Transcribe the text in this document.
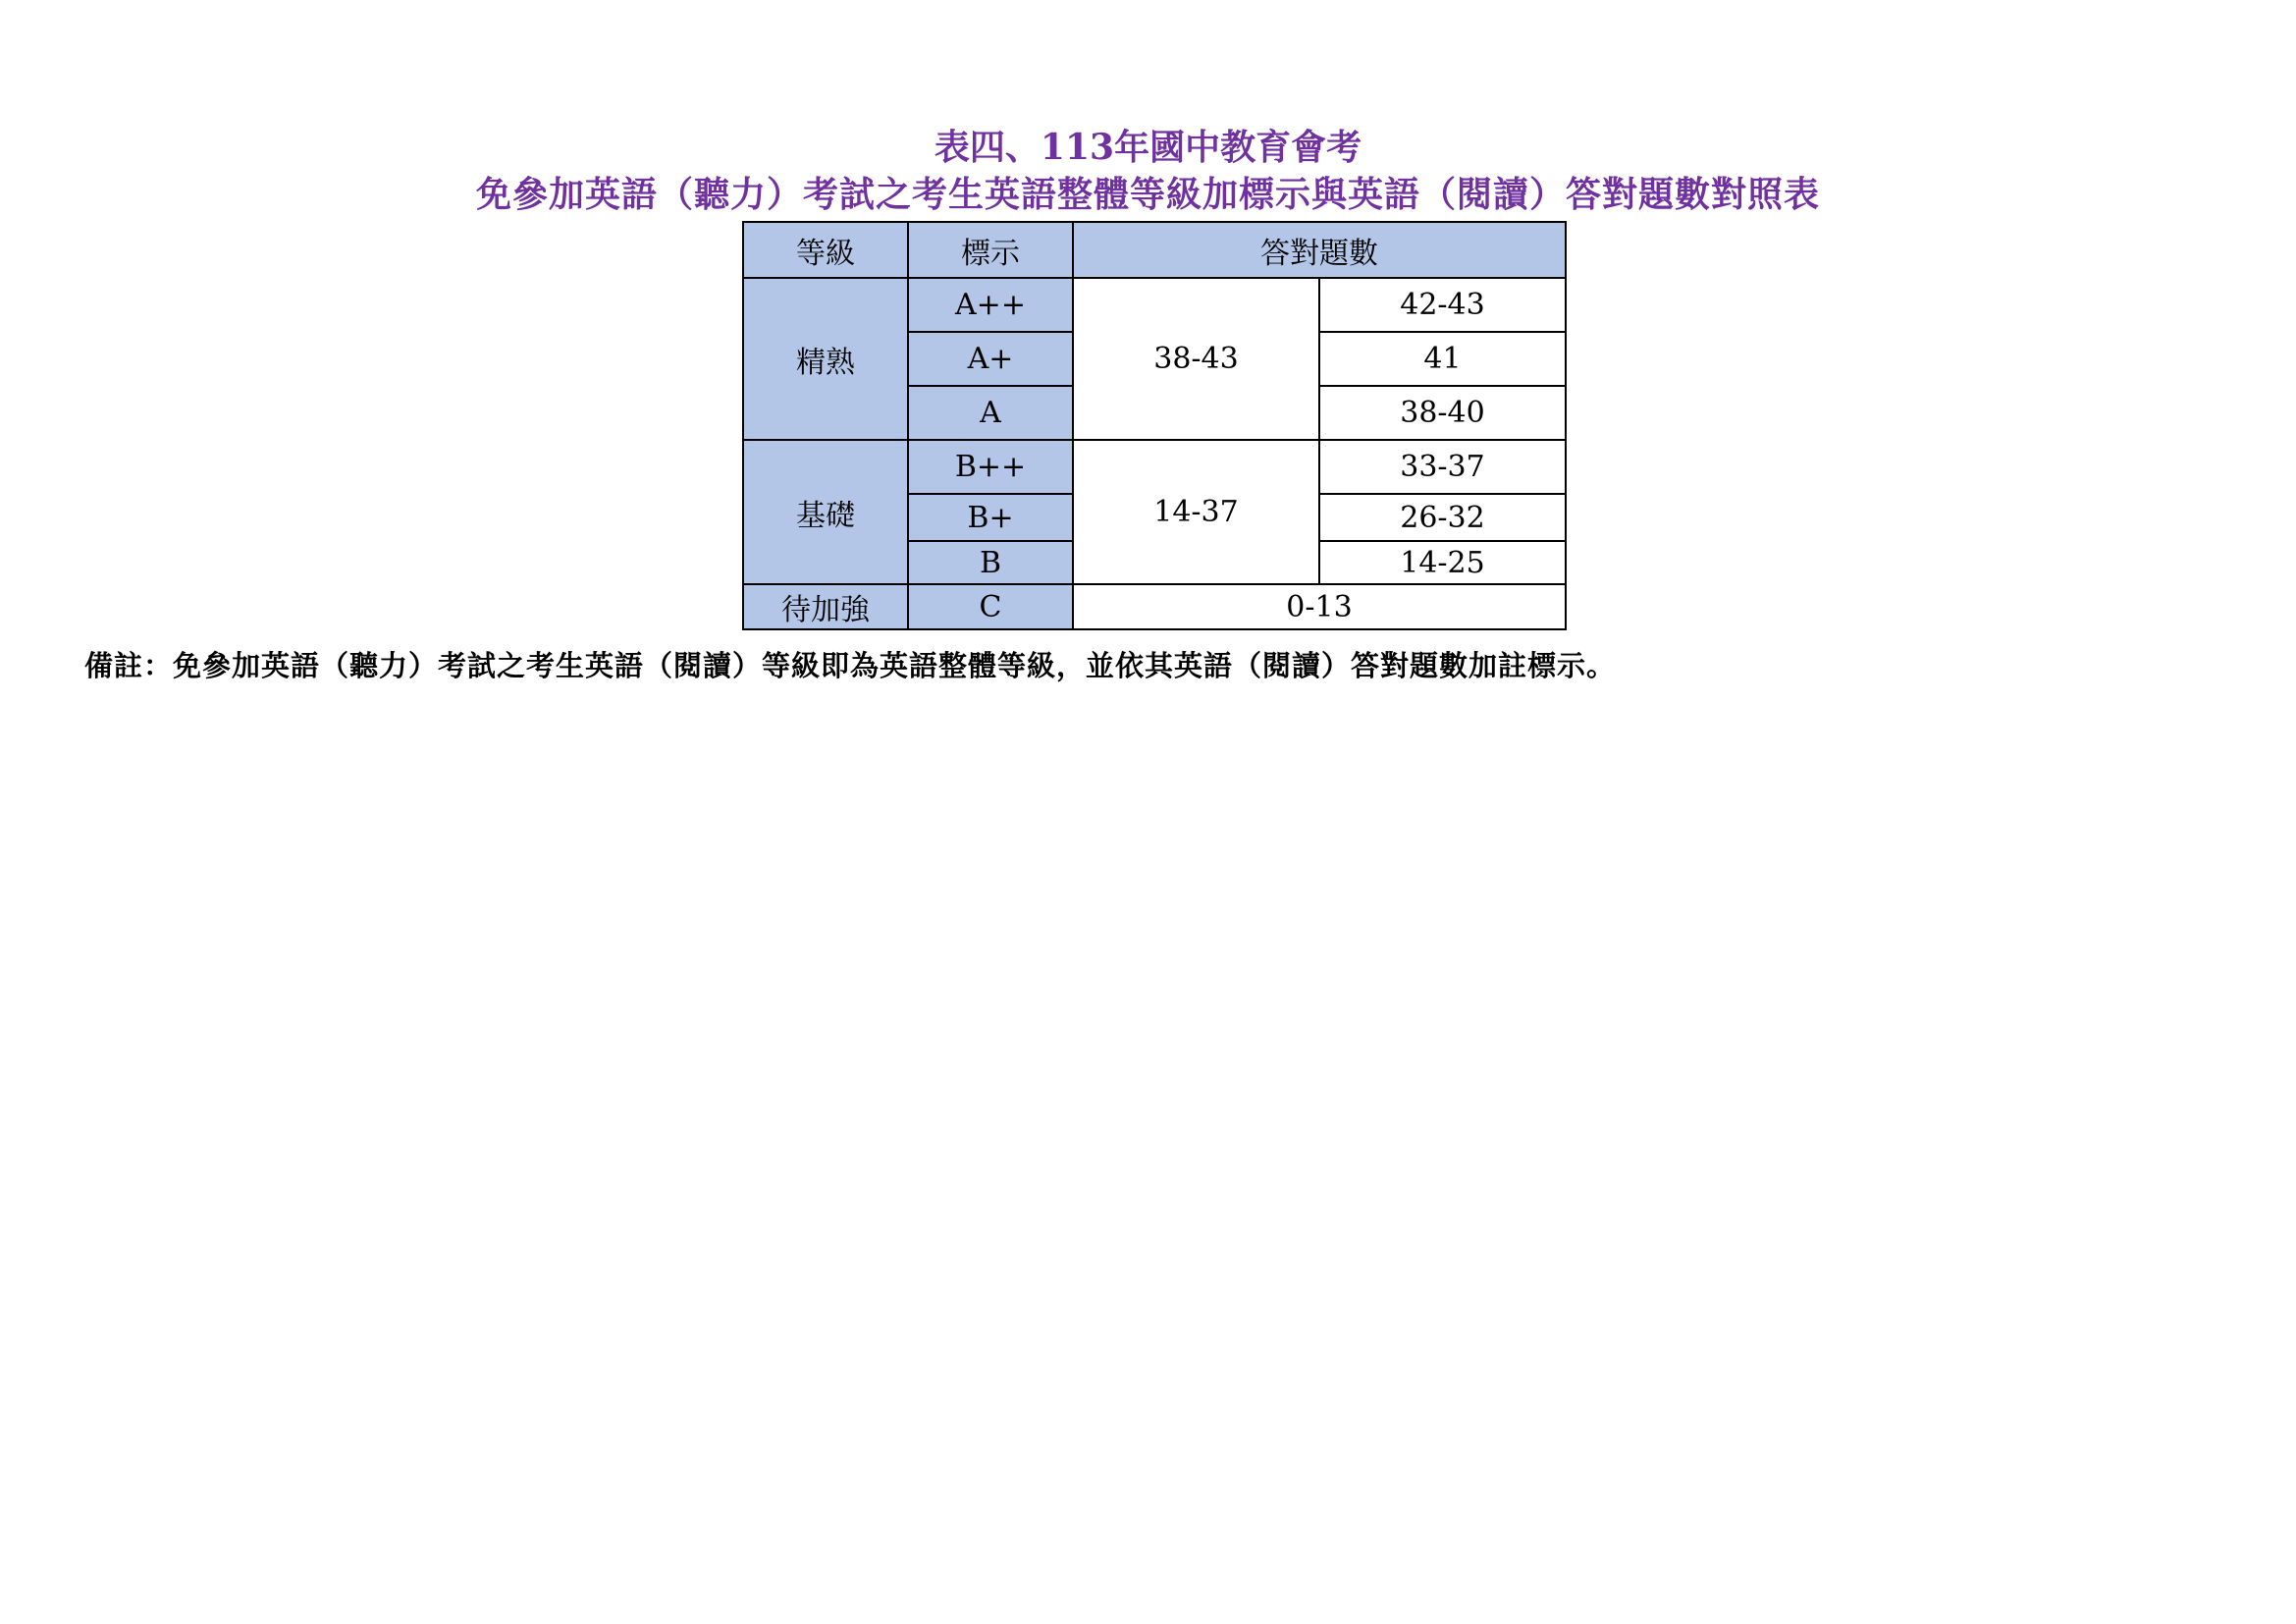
表四、113年國中教育會考
免參加英語（聽力）考試之考生英語整體等級加標示與英語（閱讀）答對題數對照表
等級	標示	答對題數	
精熟	A++	38-43	42-43
	A+		41
	A		38-40
基礎	B++	14-37	33-37
	B+		26-32
	B		14-25
待加強	C	0-13	
備註：免參加英語（聽力）考試之考生英語（閱讀）等級即為英語整體等級，並依其英語（閱讀）答對題數加註標示。
